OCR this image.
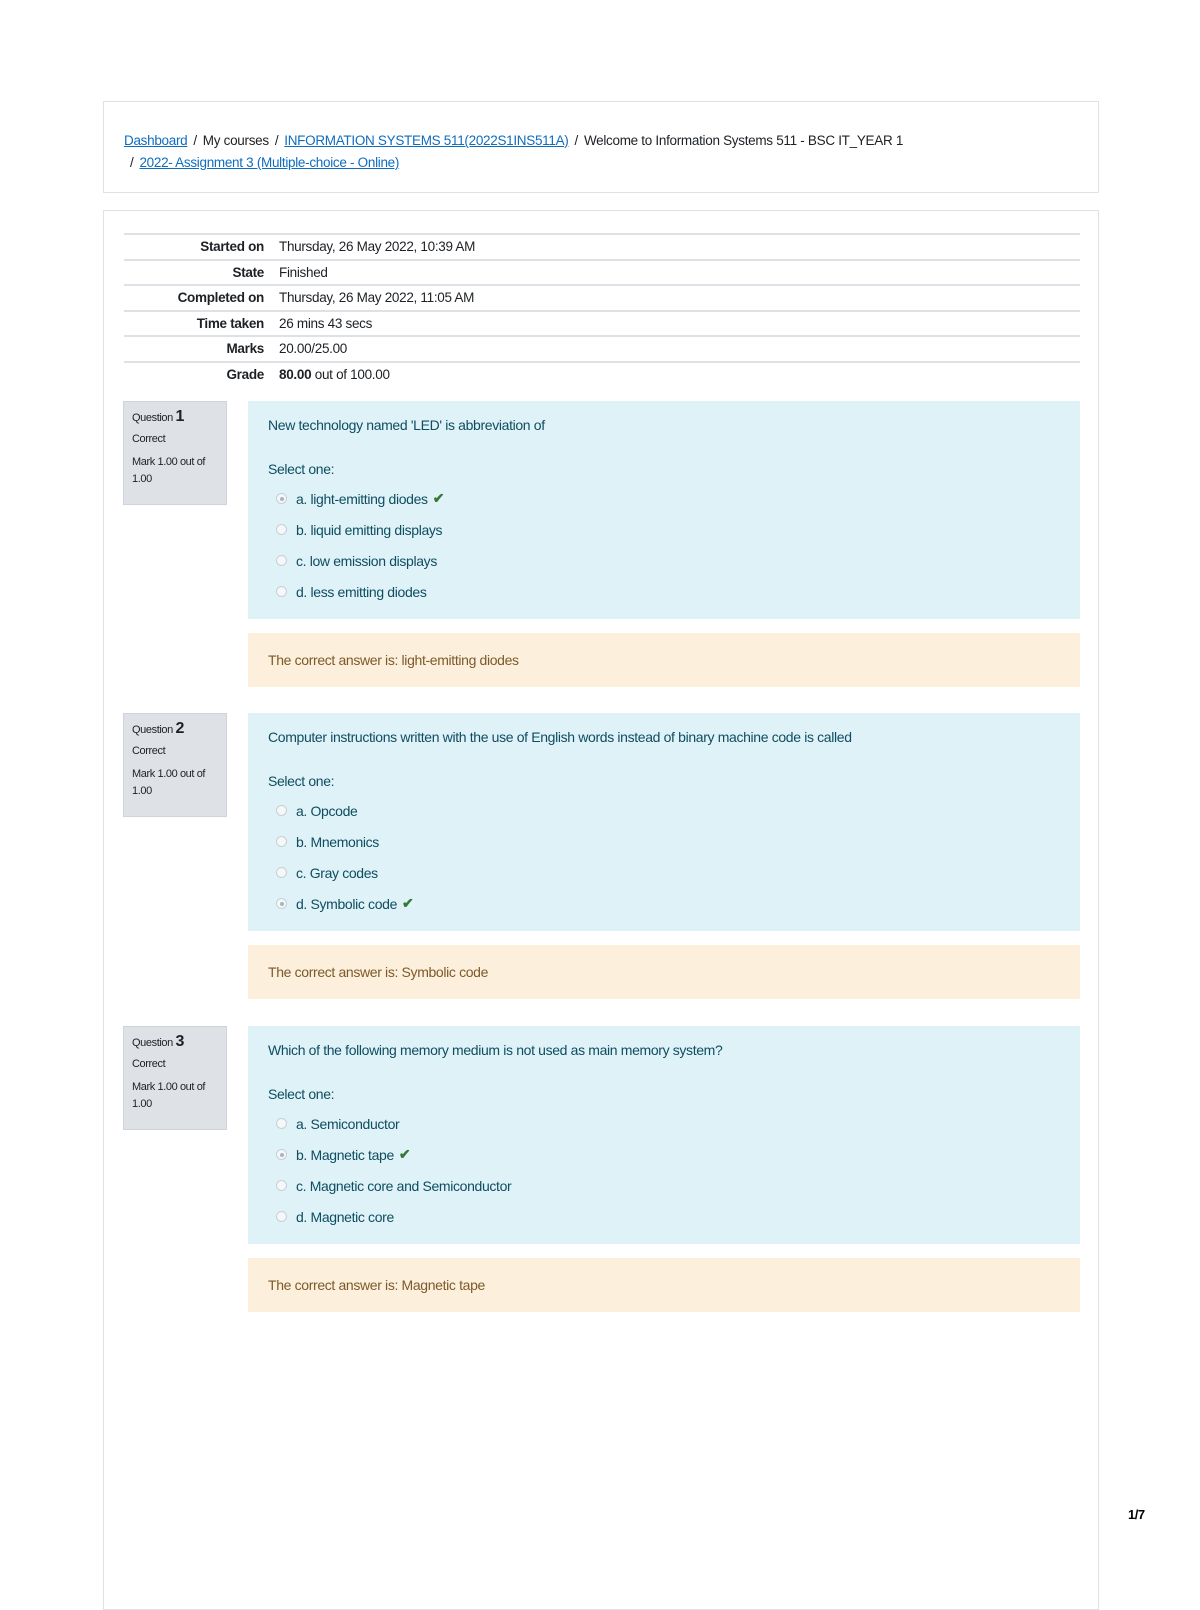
Dashboard / My courses / INFORMATION SYSTEMS 511(2022S1INS511A) / Welcome to Information Systems 511 - BSC IT_YEAR 1
/ 2022- Assignment 3 (Multiple-choice - Online)
Started on	Thursday, 26 May 2022, 10:39 AM
State	Finished
Completed on	Thursday, 26 May 2022, 11:05 AM
Time taken	26 mins 43 secs
Marks	20.00/25.00
Grade	80.00 out of 100.00
Question 1
Correct
Mark 1.00 out of 1.00
New technology named 'LED' is abbreviation of
Select one:
a. light-emitting diodes ✔
b. liquid emitting displays
c. low emission displays
d. less emitting diodes
The correct answer is: light-emitting diodes
Question 2
Correct
Mark 1.00 out of 1.00
Computer instructions written with the use of English words instead of binary machine code is called
Select one:
a. Opcode
b. Mnemonics
c. Gray codes
d. Symbolic code ✔
The correct answer is: Symbolic code
Question 3
Correct
Mark 1.00 out of 1.00
Which of the following memory medium is not used as main memory system?
Select one:
a. Semiconductor
b. Magnetic tape ✔
c. Magnetic core and Semiconductor
d. Magnetic core
The correct answer is: Magnetic tape
1/7
